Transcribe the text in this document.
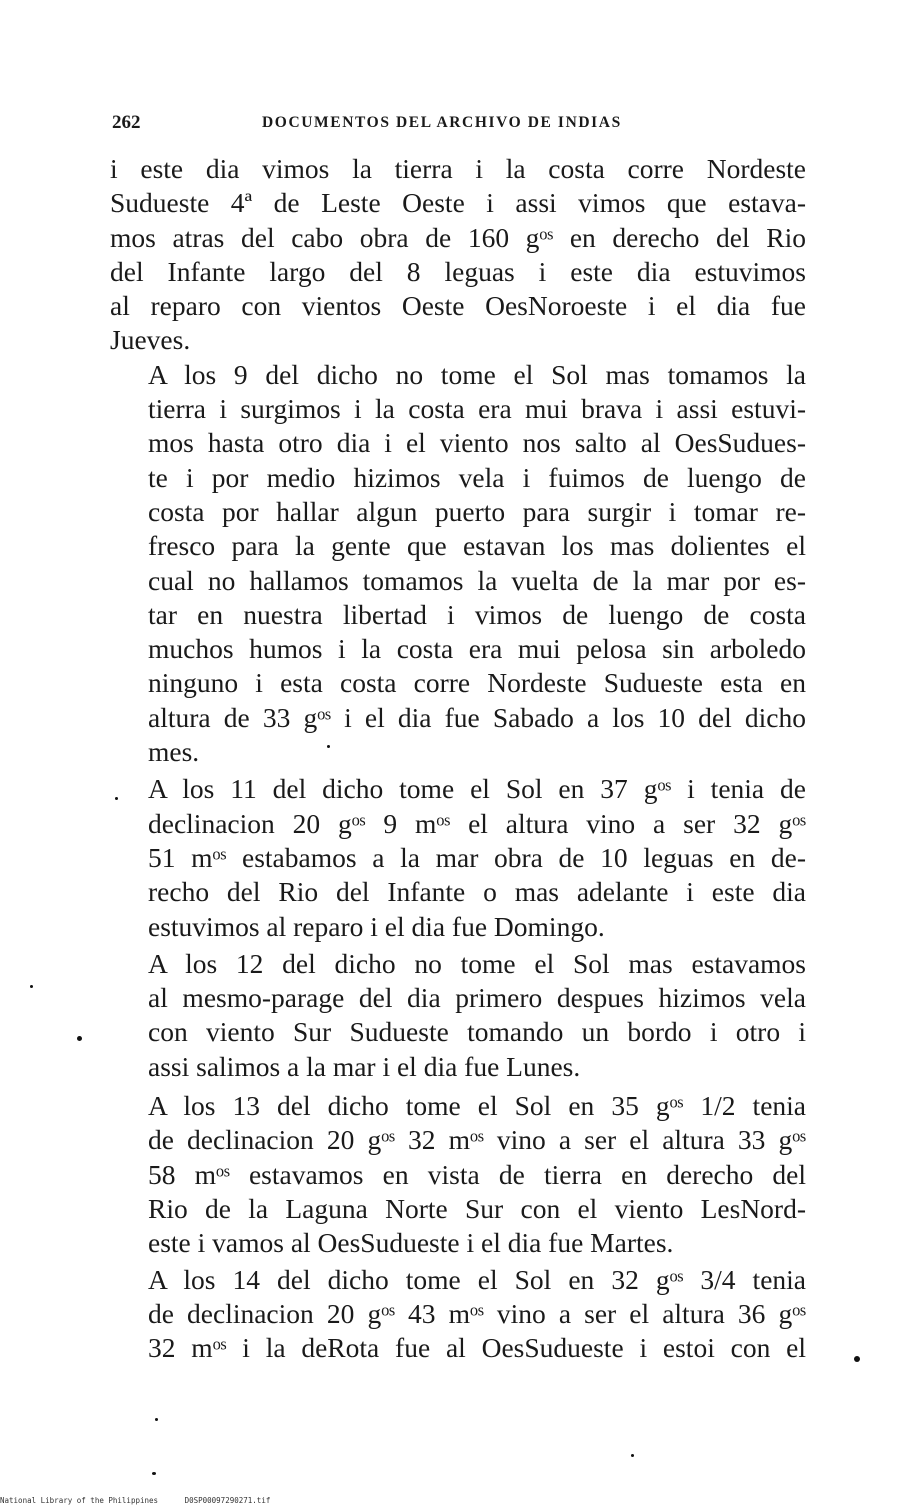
262	DOCUMENTOS DEL ARCHIVO DE INDIAS

i este dia vimos la tierra i la costa corre Nordeste
Sudueste 4ª de Leste Oeste i assi vimos que estava-
mos atras del cabo obra de 160 gᵒˢ en derecho del Rio
del Infante largo del 8 leguas i este dia estuvimos
al reparo con vientos Oeste OesNoroeste i el dia fue
Jueves.

A los 9 del dicho no tome el Sol mas tomamos la
tierra i surgimos i la costa era mui brava i assi estuvi-
mos hasta otro dia i el viento nos salto al OesSudues-
te i por medio hizimos vela i fuimos de luengo de
costa por hallar algun puerto para surgir i tomar re-
fresco para la gente que estavan los mas dolientes el
cual no hallamos tomamos la vuelta de la mar por es-
tar en nuestra libertad i vimos de luengo de costa
muchos humos i la costa era mui pelosa sin arboledo
ninguno i esta costa corre Nordeste Sudueste esta en
altura de 33 gᵒˢ i el dia fue Sabado a los 10 del dicho
mes.

A los 11 del dicho tome el Sol en 37 gᵒˢ i tenia de
declinacion 20 gᵒˢ 9 mᵒˢ el altura vino a ser 32 gᵒˢ
51 mᵒˢ estabamos a la mar obra de 10 leguas en de-
recho del Rio del Infante o mas adelante i este dia
estuvimos al reparo i el dia fue Domingo.

A los 12 del dicho no tome el Sol mas estavamos
al mesmo-parage del dia primero despues hizimos vela
con viento Sur Sudueste tomando un bordo i otro i
assi salimos a la mar i el dia fue Lunes.

A los 13 del dicho tome el Sol en 35 gᵒˢ 1/2 tenia
de declinacion 20 gᵒˢ 32 mᵒˢ vino a ser el altura 33 gᵒˢ
58 mᵒˢ estavamos en vista de tierra en derecho del
Rio de la Laguna Norte Sur con el viento LesNord-
este i vamos al OesSudueste i el dia fue Martes.

A los 14 del dicho tome el Sol en 32 gᵒˢ 3/4 tenia
de declinacion 20 gᵒˢ 43 mᵒˢ vino a ser el altura 36 gᵒˢ
32 mᵒˢ i la deRota fue al OesSudueste i estoi con el

National Library of the Philippines	D0SP00097290271.tif
